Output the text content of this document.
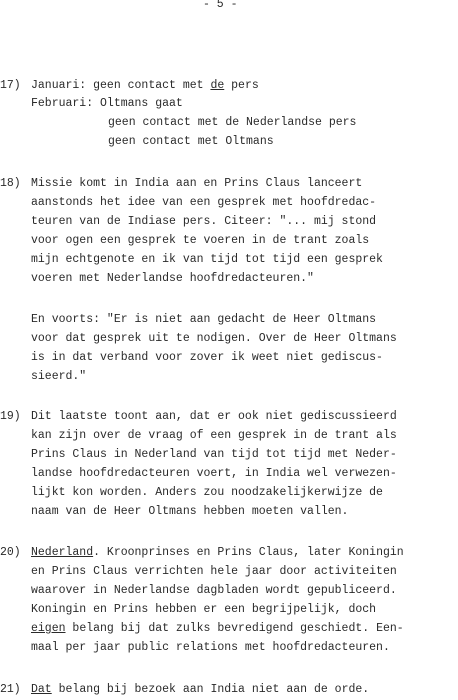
- 5 -
17) Januari: geen contact met de pers
Februari: Oltmans gaat
geen contact met de Nederlandse pers
geen contact met Oltmans
18) Missie komt in India aan en Prins Claus lanceert
aanstonds het idee van een gesprek met hoofdredac-
teuren van de Indiase pers. Citeer: "... mij stond
voor ogen een gesprek te voeren in de trant zoals
mijn echtgenote en ik van tijd tot tijd een gesprek
voeren met Nederlandse hoofdredacteuren."
En voorts: "Er is niet aan gedacht de Heer Oltmans
voor dat gesprek uit te nodigen. Over de Heer Oltmans
is in dat verband voor zover ik weet niet gediscus-
sieerd."
19) Dit laatste toont aan, dat er ook niet gediscussieerd
kan zijn over de vraag of een gesprek in de trant als
Prins Claus in Nederland van tijd tot tijd met Neder-
landse hoofdredacteuren voert, in India wel verwezen-
lijkt kon worden. Anders zou noodzakelijkerwijze de
naam van de Heer Oltmans hebben moeten vallen.
20) Nederland. Kroonprinses en Prins Claus, later Koningin
en Prins Claus verrichten hele jaar door activiteiten
waarover in Nederlandse dagbladen wordt gepubliceerd.
Koningin en Prins hebben er een begrijpelijk, doch
eigen belang bij dat zulks bevredigend geschiedt. Een-
maal per jaar public relations met hoofdredacteuren.
21) Dat belang bij bezoek aan India niet aan de orde.
